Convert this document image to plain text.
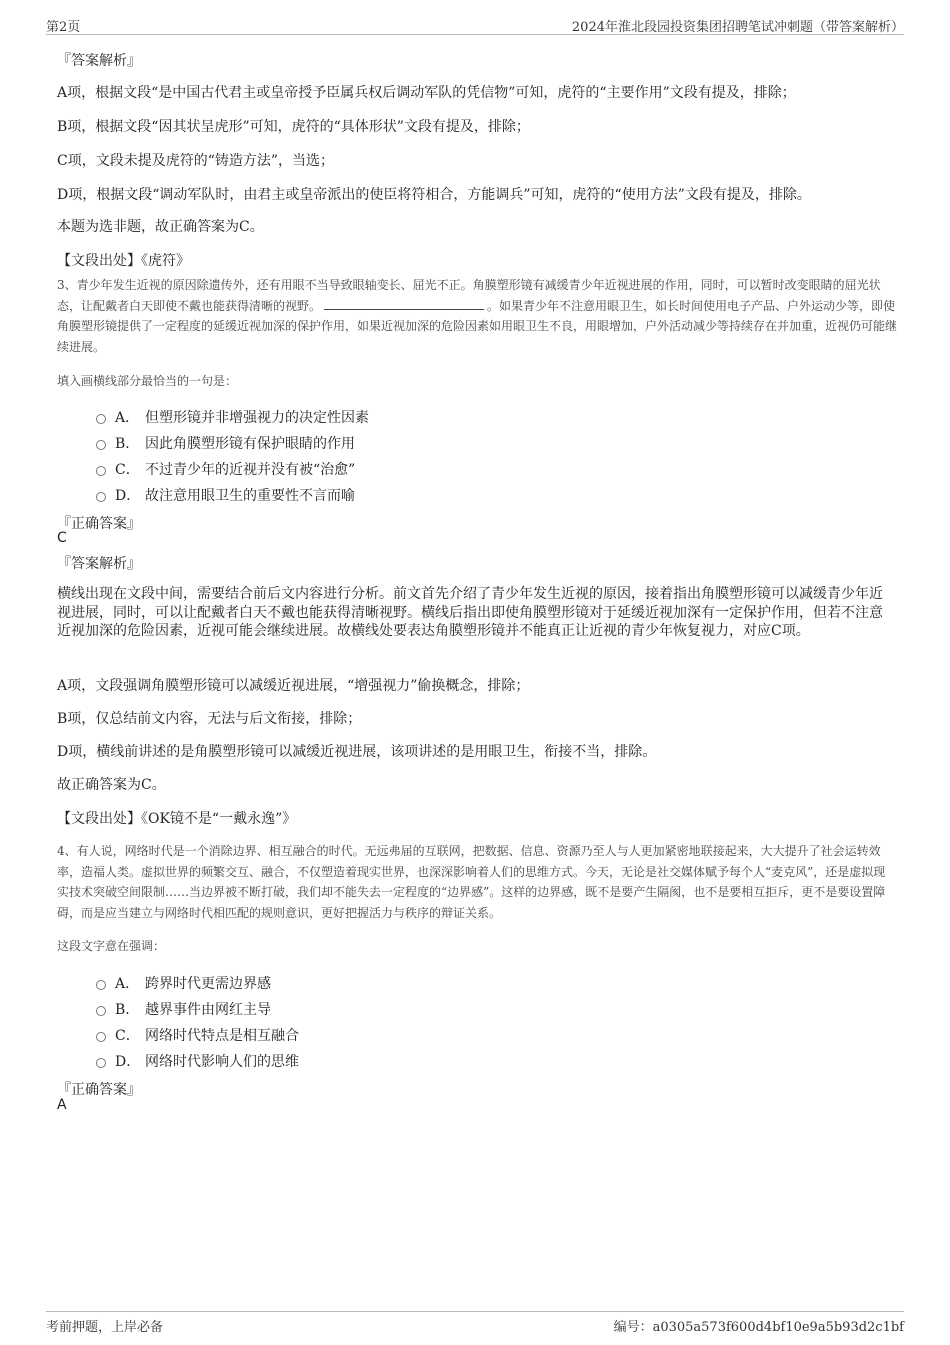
第2页	2024年淮北段园投资集团招聘笔试冲刺题（带答案解析）
『答案解析』
A项，根据文段“是中国古代君主或皇帝授予臣属兵权后调动军队的凭信物”可知，虎符的“主要作用”文段有提及，排除；
B项，根据文段“因其状呈虎形”可知，虎符的“具体形状”文段有提及，排除；
C项，文段未提及虎符的“铸造方法”，当选；
D项，根据文段“调动军队时，由君主或皇帝派出的使臣将符相合，方能调兵”可知，虎符的“使用方法”文段有提及，排除。
本题为选非题，故正确答案为C。
【文段出处】《虎符》
3、青少年发生近视的原因除遗传外，还有用眼不当导致眼轴变长、屈光不正。角膜塑形镜有减缓青少年近视进展的作用，同时，可以暂时改变眼睛的屈光状态，让配戴者白天即使不戴也能获得清晰的视野。	。如果青少年不注意用眼卫生，如长时间使用电子产品、户外运动少等，即使角膜塑形镜提供了一定程度的延缓近视加深的保护作用，如果近视加深的危险因素如用眼卫生不良，用眼增加，户外活动减少等持续存在并加重，近视仍可能继续进展。
填入画横线部分最恰当的一句是：
A． 但塑形镜并非增强视力的决定性因素
B． 因此角膜塑形镜有保护眼睛的作用
C． 不过青少年的近视并没有被“治愈”
D． 故注意用眼卫生的重要性不言而喻
『正确答案』
C
『答案解析』
横线出现在文段中间，需要结合前后文内容进行分析。前文首先介绍了青少年发生近视的原因，接着指出角膜塑形镜可以减缓青少年近视进展，同时，可以让配戴者白天不戴也能获得清晰视野。横线后指出即使角膜塑形镜对于延缓近视加深有一定保护作用，但若不注意近视加深的危险因素，近视可能会继续进展。故横线处要表达角膜塑形镜并不能真正让近视的青少年恢复视力，对应C项。
A项，文段强调角膜塑形镜可以减缓近视进展，“增强视力”偷换概念，排除；
B项，仅总结前文内容，无法与后文衔接，排除；
D项，横线前讲述的是角膜塑形镜可以减缓近视进展，该项讲述的是用眼卫生，衔接不当，排除。
故正确答案为C。
【文段出处】《OK镜不是“一戴永逸”》
4、有人说，网络时代是一个消除边界、相互融合的时代。无远弗届的互联网，把数据、信息、资源乃至人与人更加紧密地联接起来，大大提升了社会运转效率，造福人类。虚拟世界的频繁交互、融合，不仅塑造着现实世界，也深深影响着人们的思维方式。今天，无论是社交媒体赋予每个人“麦克风”，还是虚拟现实技术突破空间限制……当边界被不断打破，我们却不能失去一定程度的“边界感”。这样的边界感，既不是要产生隔阂，也不是要相互拒斥，更不是要设置障碍，而是应当建立与网络时代相匹配的规则意识，更好把握活力与秩序的辩证关系。
这段文字意在强调：
A． 跨界时代更需边界感
B． 越界事件由网红主导
C． 网络时代特点是相互融合
D． 网络时代影响人们的思维
『正确答案』
A
考前押题，上岸必备	编号：a0305a573f600d4bf10e9a5b93d2c1bf
